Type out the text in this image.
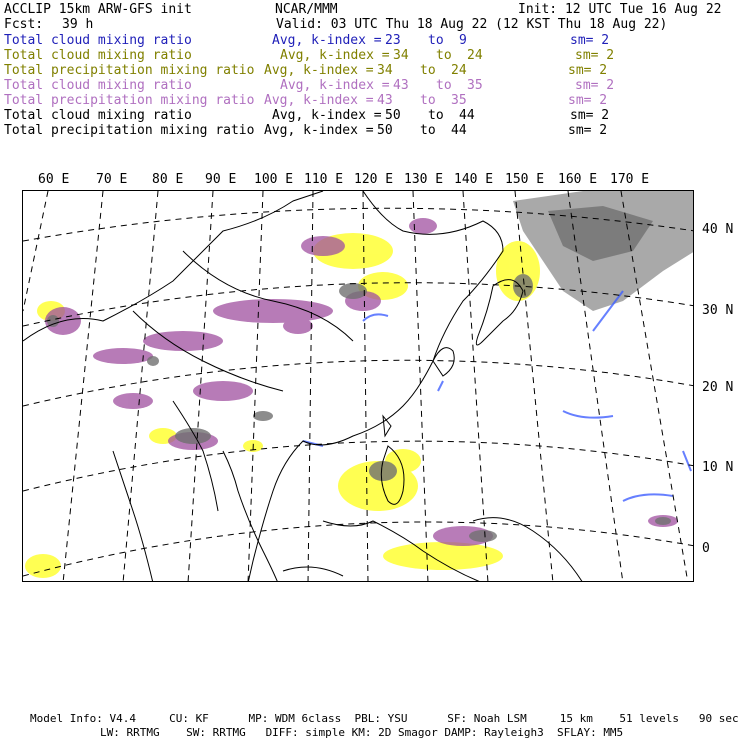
ACCLIP 15km ARW-GFS init	NCAR/MMM	Init: 12 UTC Tue 16 Aug 22
Fcst: 39 h	Valid: 03 UTC Thu 18 Aug 22 (12 KST Thu 18 Aug 22)
Total cloud mixing ratio	Avg, k-index = 23 to 9	sm= 2
Total cloud mixing ratio	Avg, k-index = 34 to 24	sm= 2
Total precipitation mixing ratio Avg, k-index = 34 to 24	sm= 2
Total cloud mixing ratio	Avg, k-index = 43 to 35	sm= 2
Total precipitation mixing ratio Avg, k-index = 43 to 35	sm= 2
Total cloud mixing ratio	Avg, k-index = 50 to 44	sm= 2
Total precipitation mixing ratio Avg, k-index = 50 to 44	sm= 2
60 E 70 E 80 E 90 E 100 E 110 E 120 E 130 E 140 E 150 E 160 E 170 E
40 N
30 N
20 N
10 N
0
Model Info: V4.4     CU: KF      MP: WDM 6class  PBL: YSU      SF: Noah LSM     15 km    51 levels   90 sec
LW: RRTMG    SW: RRTMG   DIFF: simple KM: 2D Smagor DAMP: Rayleigh3  SFLAY: MM5
